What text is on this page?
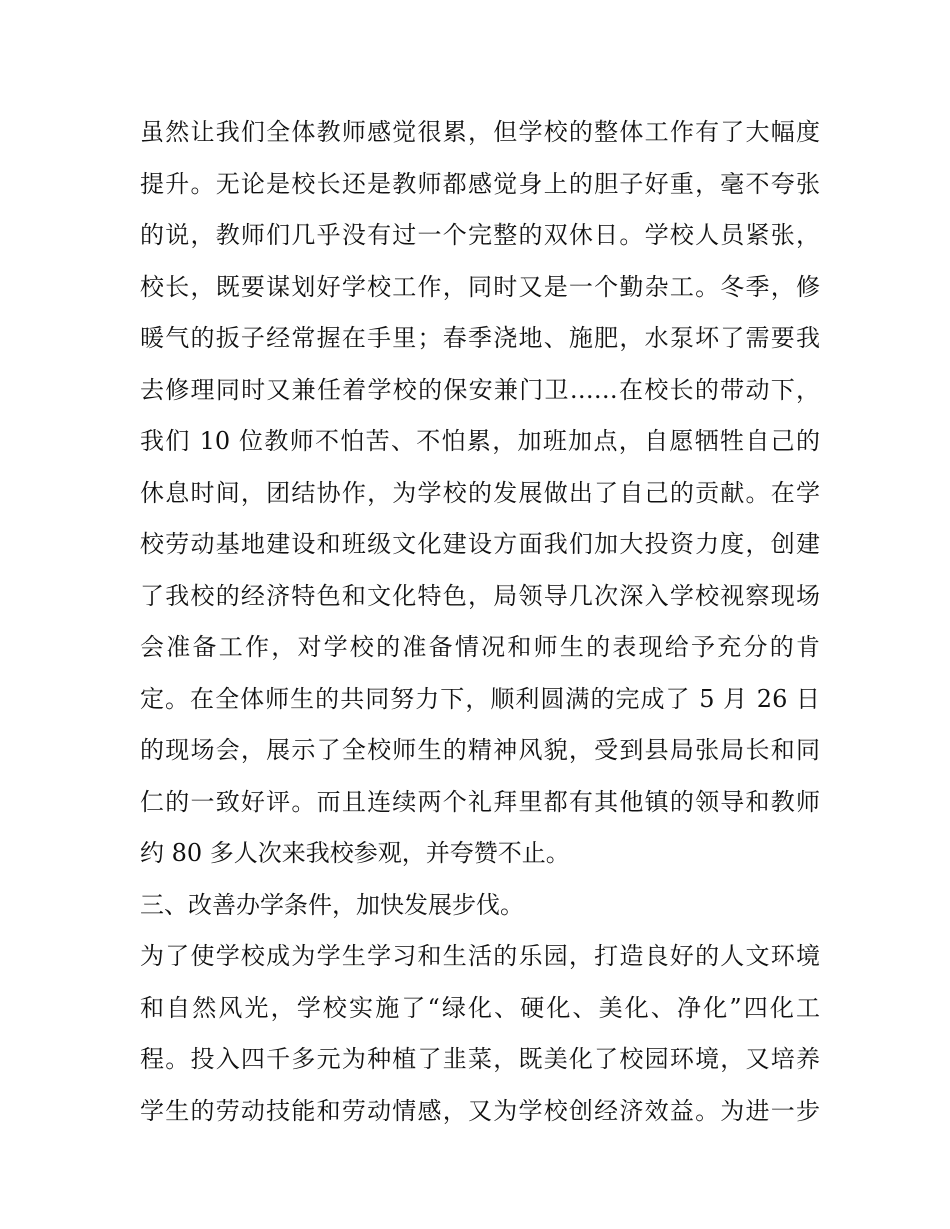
虽然让我们全体教师感觉很累，但学校的整体工作有了大幅度
提升。无论是校长还是教师都感觉身上的胆子好重，毫不夸张
的说，教师们几乎没有过一个完整的双休日。学校人员紧张，
校长，既要谋划好学校工作，同时又是一个勤杂工。冬季，修
暖气的扳子经常握在手里；春季浇地、施肥，水泵坏了需要我
去修理同时又兼任着学校的保安兼门卫……在校长的带动下，
我们 10 位教师不怕苦、不怕累，加班加点，自愿牺牲自己的
休息时间，团结协作，为学校的发展做出了自己的贡献。在学
校劳动基地建设和班级文化建设方面我们加大投资力度，创建
了我校的经济特色和文化特色，局领导几次深入学校视察现场
会准备工作，对学校的准备情况和师生的表现给予充分的肯
定。在全体师生的共同努力下，顺利圆满的完成了 5 月 26 日
的现场会，展示了全校师生的精神风貌，受到县局张局长和同
仁的一致好评。而且连续两个礼拜里都有其他镇的领导和教师
约 80 多人次来我校参观，并夸赞不止。
三、改善办学条件，加快发展步伐。
为了使学校成为学生学习和生活的乐园，打造良好的人文环境
和自然风光，学校实施了“绿化、硬化、美化、净化”四化工
程。投入四千多元为种植了韭菜，既美化了校园环境，又培养
学生的劳动技能和劳动情感，又为学校创经济效益。为进一步
